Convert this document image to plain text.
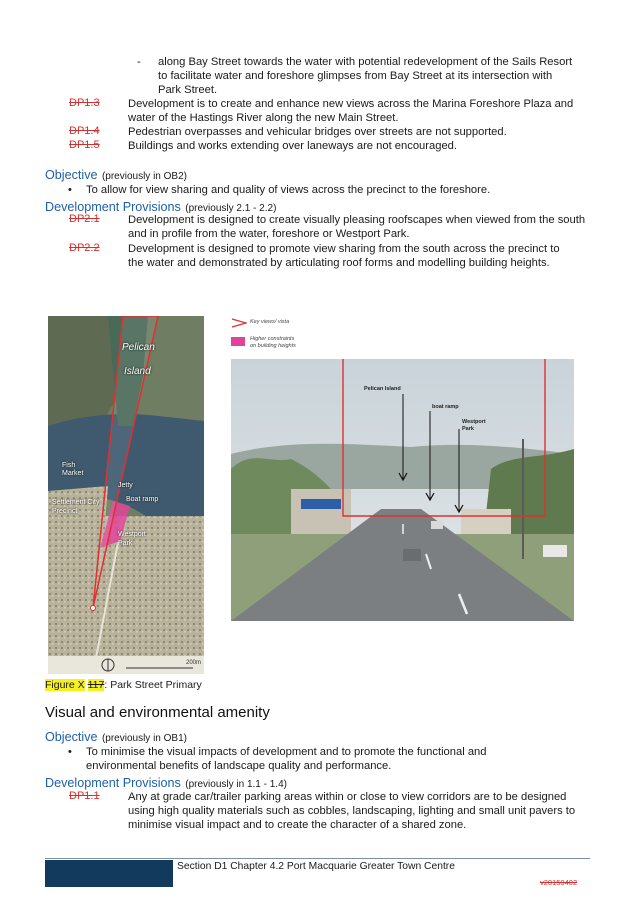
- along Bay Street towards the water with potential redevelopment of the Sails Resort to facilitate water and foreshore glimpses from Bay Street at its intersection with Park Street.
DP1.3	Development is to create and enhance new views across the Marina Foreshore Plaza and water of the Hastings River along the new Main Street.
DP1.4	Pedestrian overpasses and vehicular bridges over streets are not supported.
DP1.5	Buildings and works extending over laneways are not encouraged.
Objective (previously in OB2)
• To allow for view sharing and quality of views across the precinct to the foreshore.
Development Provisions (previously 2.1 - 2.2)
DP2.1	Development is designed to create visually pleasing roofscapes when viewed from the south and in profile from the water, foreshore or Westport Park.
DP2.2	Development is designed to promote view sharing from the south across the precinct to the water and demonstrated by articulating roof forms and modelling building heights.
Pelican
Island
Fish
Market
Jetty
Boat ramp
Settlement City Precinct
Westport Park
200m
Key views/ vista
Higher constraints
on building heights
Pelican Island
boat ramp
Westport Park
Figure X 117: Park Street Primary
Visual and environmental amenity
Objective (previously in OB1)
• To minimise the visual impacts of development and to promote the functional and environmental benefits of landscape quality and performance.
Development Provisions (previously in 1.1 - 1.4)
DP1.1	Any at grade car/trailer parking areas within or close to view corridors are to be designed using high quality materials such as cobbles, landscaping, lighting and small unit pavers to minimise visual impact and to create the character of a shared zone.
Section D1 Chapter 4.2 Port Macquarie Greater Town Centre
v20150402
